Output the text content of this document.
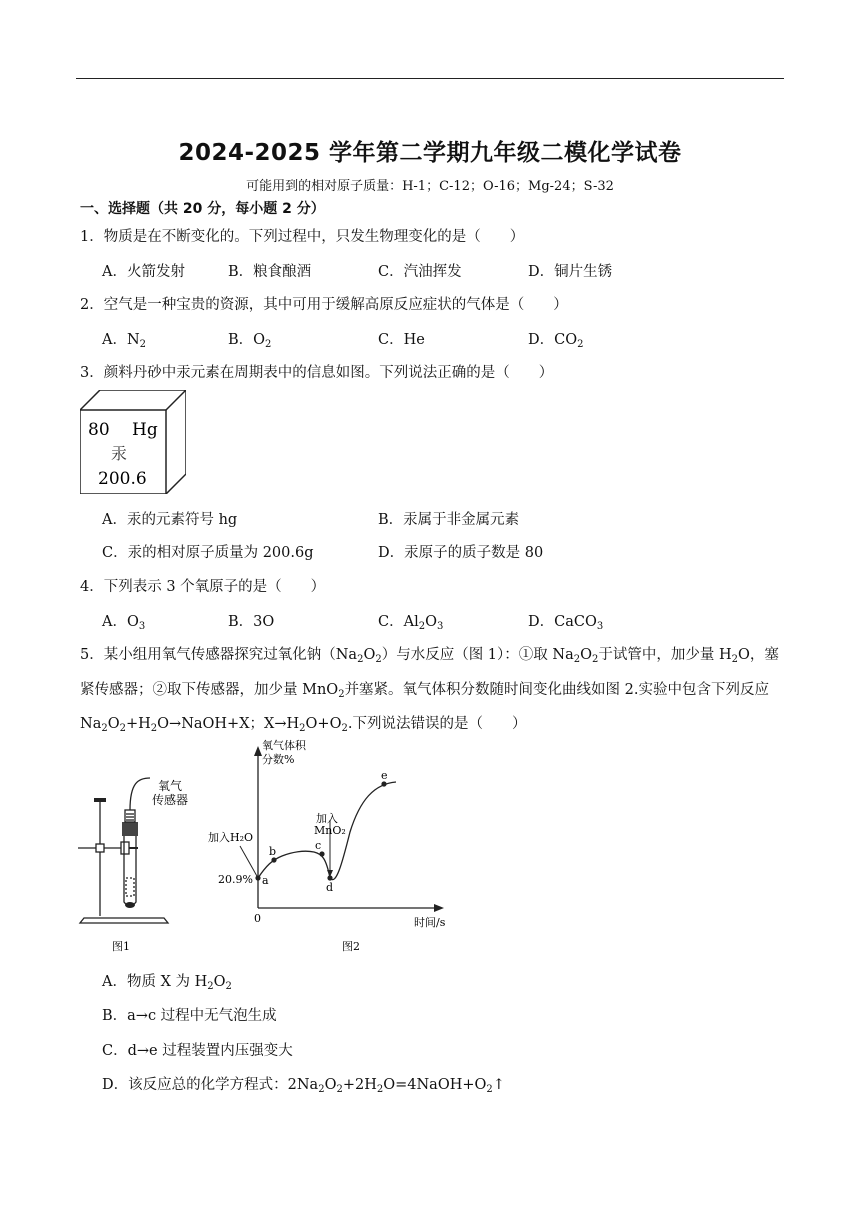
2024-2025 学年第二学期九年级二模化学试卷
可能用到的相对原子质量：H-1；C-12；O-16；Mg-24；S-32
一、选择题（共 20 分，每小题 2 分）
1．物质是在不断变化的。下列过程中，只发生物理变化的是（　　）
A．火箭发射	B．粮食酿酒	C．汽油挥发	D．铜片生锈
2．空气是一种宝贵的资源，其中可用于缓解高原反应症状的气体是（　　）
A．$N_2$	B．$O_2$	C．He	D．$CO_2$
3．颜料丹砂中汞元素在周期表中的信息如图。下列说法正确的是（　　）
80 Hg
汞
200.6
A．汞的元素符号 hg	B．汞属于非金属元素
C．汞的相对原子质量为 200.6g	D．汞原子的质子数是 80
4．下列表示 3 个氧原子的是（　　）
A．$O_3$	B．3O	C．$Al_2O_3$	D．CaCO$_3$
5．某小组用氧气传感器探究过氧化钠$(Na_2O_2)$与水反应（图 1）：①取 $Na_2O_2$于试管中，加少量 $H_2O$，塞
紧传感器；②取下传感器，加少量 MnO$_2$并塞紧。氧气体积分数随时间变化曲线如图 2.实验中包含下列反应
$Na_2O_2+H_2O\to NaOH+X$；$X\to H_2O+O_2$.下列说法错误的是（　　）
氧气
传感器
图1
a
b	c
d
e
氧气体积
分数%
20.9%
0	时间/s
加入H₂O
加入
MnO₂
图2
A．物质 X 为 $H_2O_2$
B．a→c 过程中无气泡生成
C．d→e 过程装置内压强变大
D．该反应总的化学方程式：$2Na_2O_2+2H_2O=4NaOH+O_2↑$
